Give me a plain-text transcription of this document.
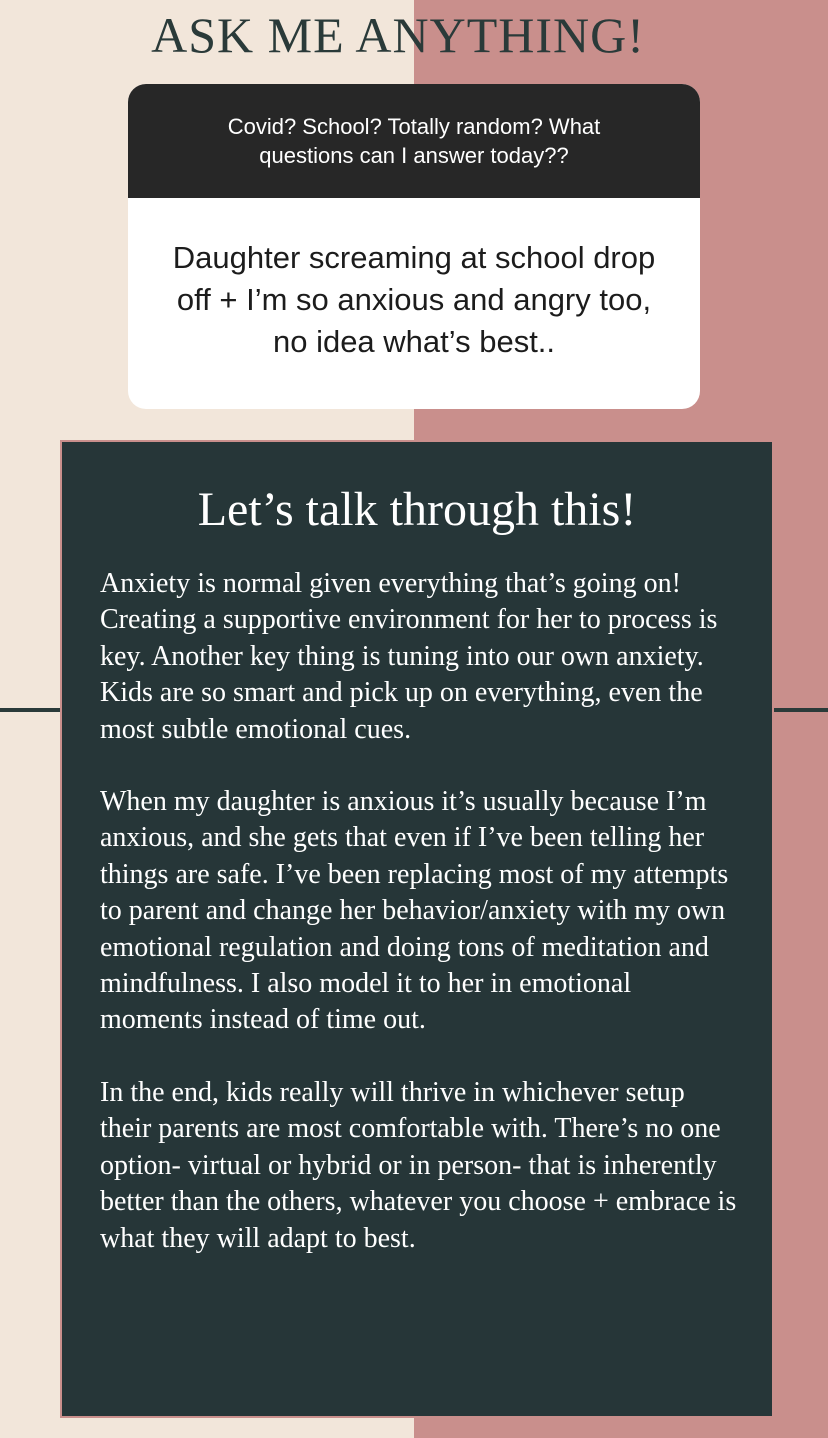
ASK ME ANYTHING!
Covid? School? Totally random? What questions can I answer today??
Daughter screaming at school drop off + I’m so anxious and angry too, no idea what’s best..
Let’s talk through this!

Anxiety is normal given everything that’s going on! Creating a supportive environment for her to process is key. Another key thing is tuning into our own anxiety. Kids are so smart and pick up on everything, even the most subtle emotional cues.

When my daughter is anxious it’s usually because I’m anxious, and she gets that even if I’ve been telling her things are safe. I’ve been replacing most of my attempts to parent and change her behavior/anxiety with my own emotional regulation and doing tons of meditation and mindfulness. I also model it to her in emotional moments instead of time out.

In the end, kids really will thrive in whichever setup their parents are most comfortable with. There’s no one option- virtual or hybrid or in person- that is inherently better than the others, whatever you choose + embrace is what they will adapt to best.
